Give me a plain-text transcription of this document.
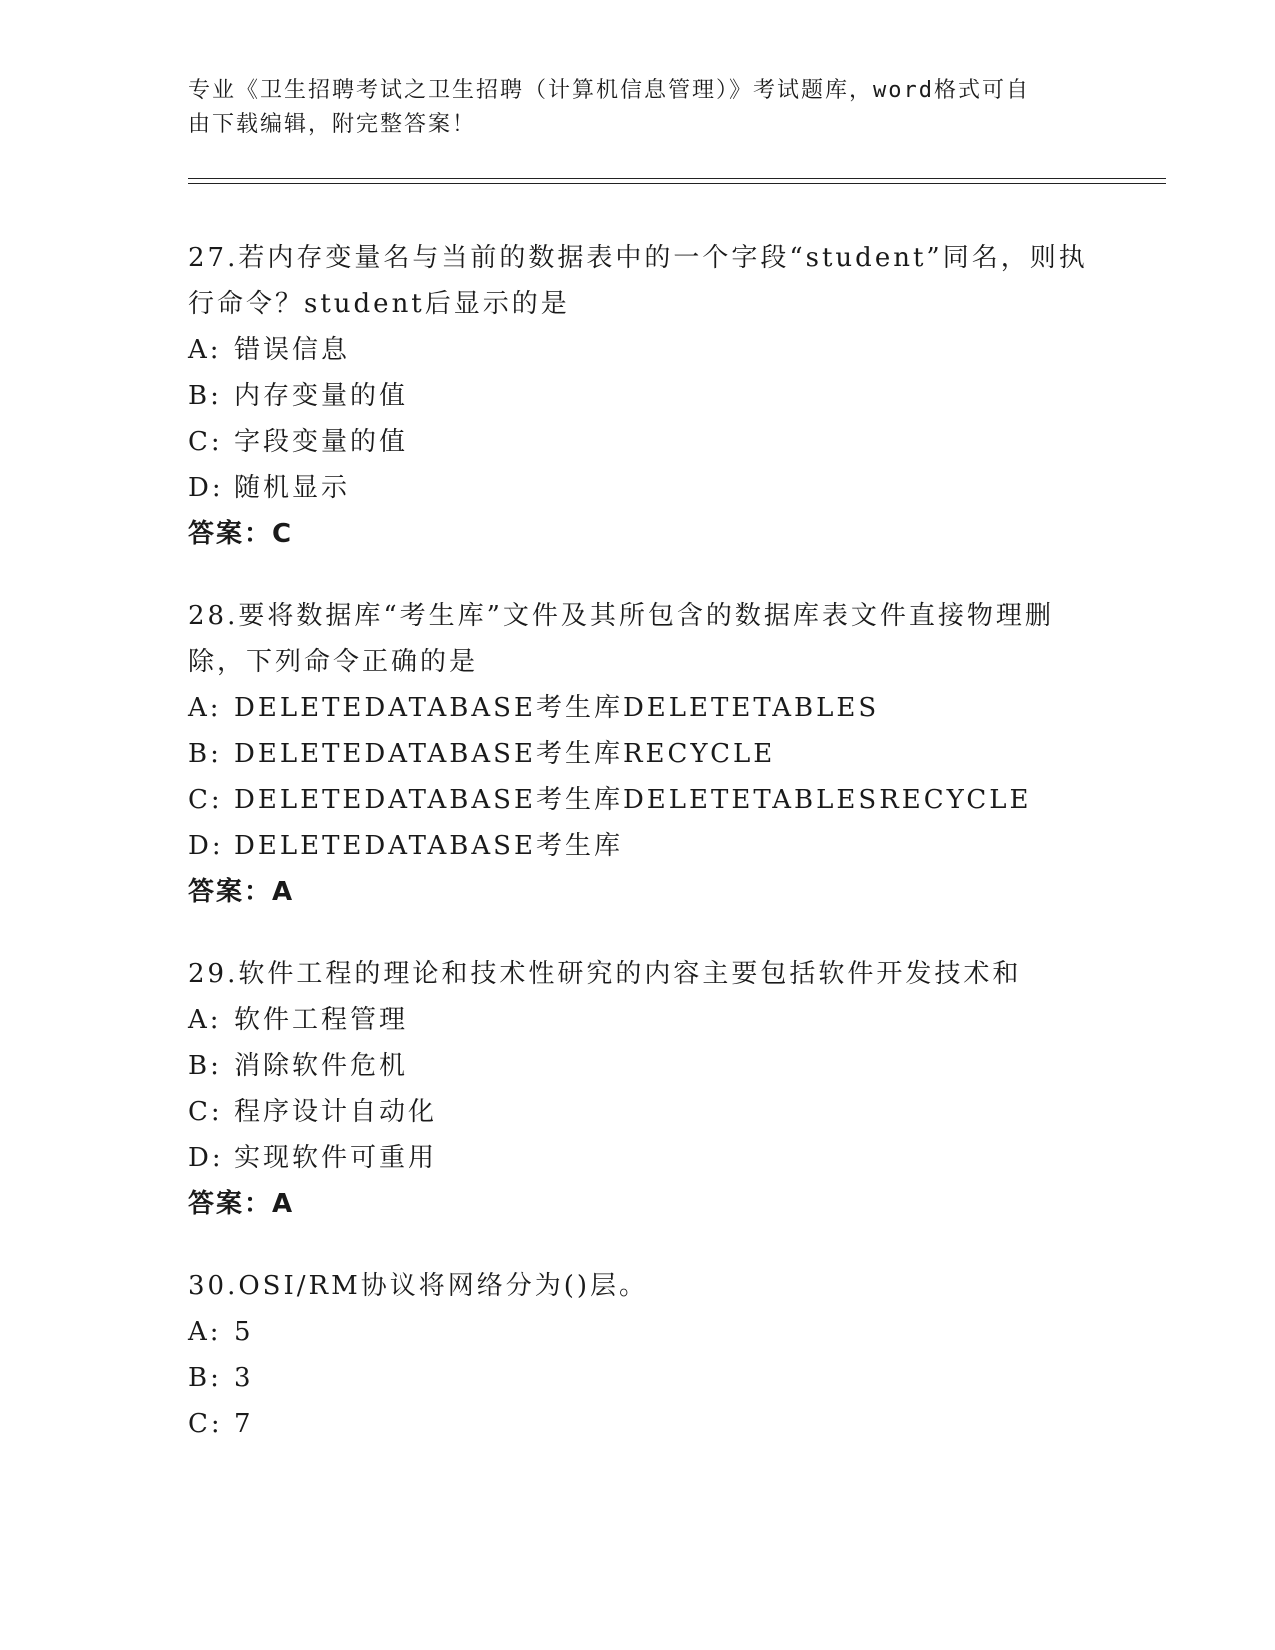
专业《卫生招聘考试之卫生招聘（计算机信息管理）》考试题库，word格式可自
由下载编辑，附完整答案！

27.若内存变量名与当前的数据表中的一个字段“student”同名，则执行命令？student后显示的是

A: 错误信息

B: 内存变量的值

C: 字段变量的值

D: 随机显示

答案：C

28.要将数据库“考生库”文件及其所包含的数据库表文件直接物理删除，下列命令正确的是

A: DELETEDATABASE考生库DELETETABLES

B: DELETEDATABASE考生库RECYCLE

C: DELETEDATABASE考生库DELETETABLESRECYCLE

D: DELETEDATABASE考生库

答案：A

29.软件工程的理论和技术性研究的内容主要包括软件开发技术和

A: 软件工程管理

B: 消除软件危机

C: 程序设计自动化

D: 实现软件可重用

答案：A

30.OSI/RM协议将网络分为()层。

A: 5

B: 3

C: 7
